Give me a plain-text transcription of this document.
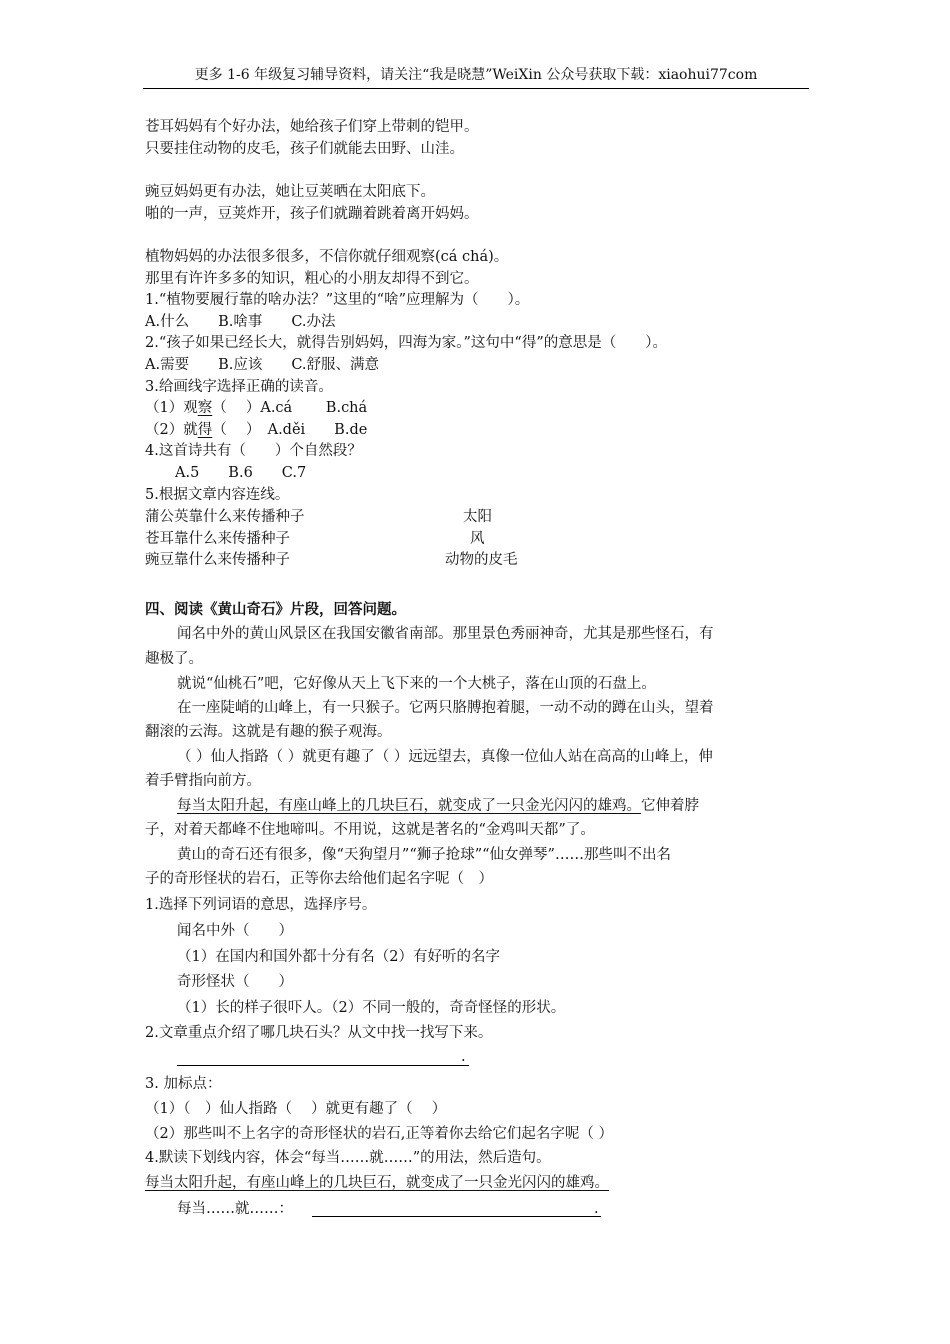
更多 1-6 年级复习辅导资料，请关注“我是晓慧”WeiXin 公众号获取下载：xiaohui77com
苍耳妈妈有个好办法，她给孩子们穿上带刺的铠甲。
只要挂住动物的皮毛，孩子们就能去田野、山洼。
豌豆妈妈更有办法，她让豆荚晒在太阳底下。
啪的一声，豆荚炸开，孩子们就蹦着跳着离开妈妈。
植物妈妈的办法很多很多，不信你就仔细观察(cá chá)。
那里有许许多多的知识，粗心的小朋友却得不到它。
1.“植物要履行靠的啥办法？”这里的“啥”应理解为（　　）。
A.什么　　B.啥事　　C.办法
2.“孩子如果已经长大，就得告别妈妈，四海为家。”这句中“得”的意思是（　　）。
A.需要　　B.应该　　C.舒服、满意
3.给画线字选择正确的读音。
（1）观察（　 ）A.cá　　 B.chá
（2）就得（　 ）　A.děi　　B.de
4.这首诗共有（　　）个自然段？
A.5　　B.6　　C.7
5.根据文章内容连线。
蒲公英靠什么来传播种子	太阳
苍耳靠什么来传播种子	风
豌豆靠什么来传播种子	动物的皮毛
四、阅读《黄山奇石》片段，回答问题。
闻名中外的黄山风景区在我国安徽省南部。那里景色秀丽神奇，尤其是那些怪石，有
趣极了。
就说“仙桃石”吧，它好像从天上飞下来的一个大桃子，落在山顶的石盘上。
在一座陡峭的山峰上，有一只猴子。它两只胳膊抱着腿，一动不动的蹲在山头，望着
翻滚的云海。这就是有趣的猴子观海。
（ ）仙人指路（ ）就更有趣了（ ）远远望去，真像一位仙人站在高高的山峰上，伸
着手臂指向前方。
每当太阳升起，有座山峰上的几块巨石，就变成了一只金光闪闪的雄鸡。它伸着脖
子，对着天都峰不住地啼叫。不用说，这就是著名的“金鸡叫天都”了。
黄山的奇石还有很多，像“天狗望月”“狮子抢球”“仙女弹琴”……那些叫不出名
子的奇形怪状的岩石，正等你去给他们起名字呢（　）
1.选择下列词语的意思，选择序号。
闻名中外（　　）
（1）在国内和国外都十分有名（2）有好听的名字
奇形怪状（　　）
（1）长的样子很吓人。（2）不同一般的，奇奇怪怪的形状。
2.文章重点介绍了哪几块石头？从文中找一找写下来。
.
3. 加标点：
（1）（　）仙人指路（　 ）就更有趣了（　 ）
（2）那些叫不上名字的奇形怪状的岩石,正等着你去给它们起名字呢（ ）
4.默读下划线内容，体会“每当……就……”的用法，然后造句。
每当太阳升起，有座山峰上的几块巨石，就变成了一只金光闪闪的雄鸡。
每当……就……：	.
